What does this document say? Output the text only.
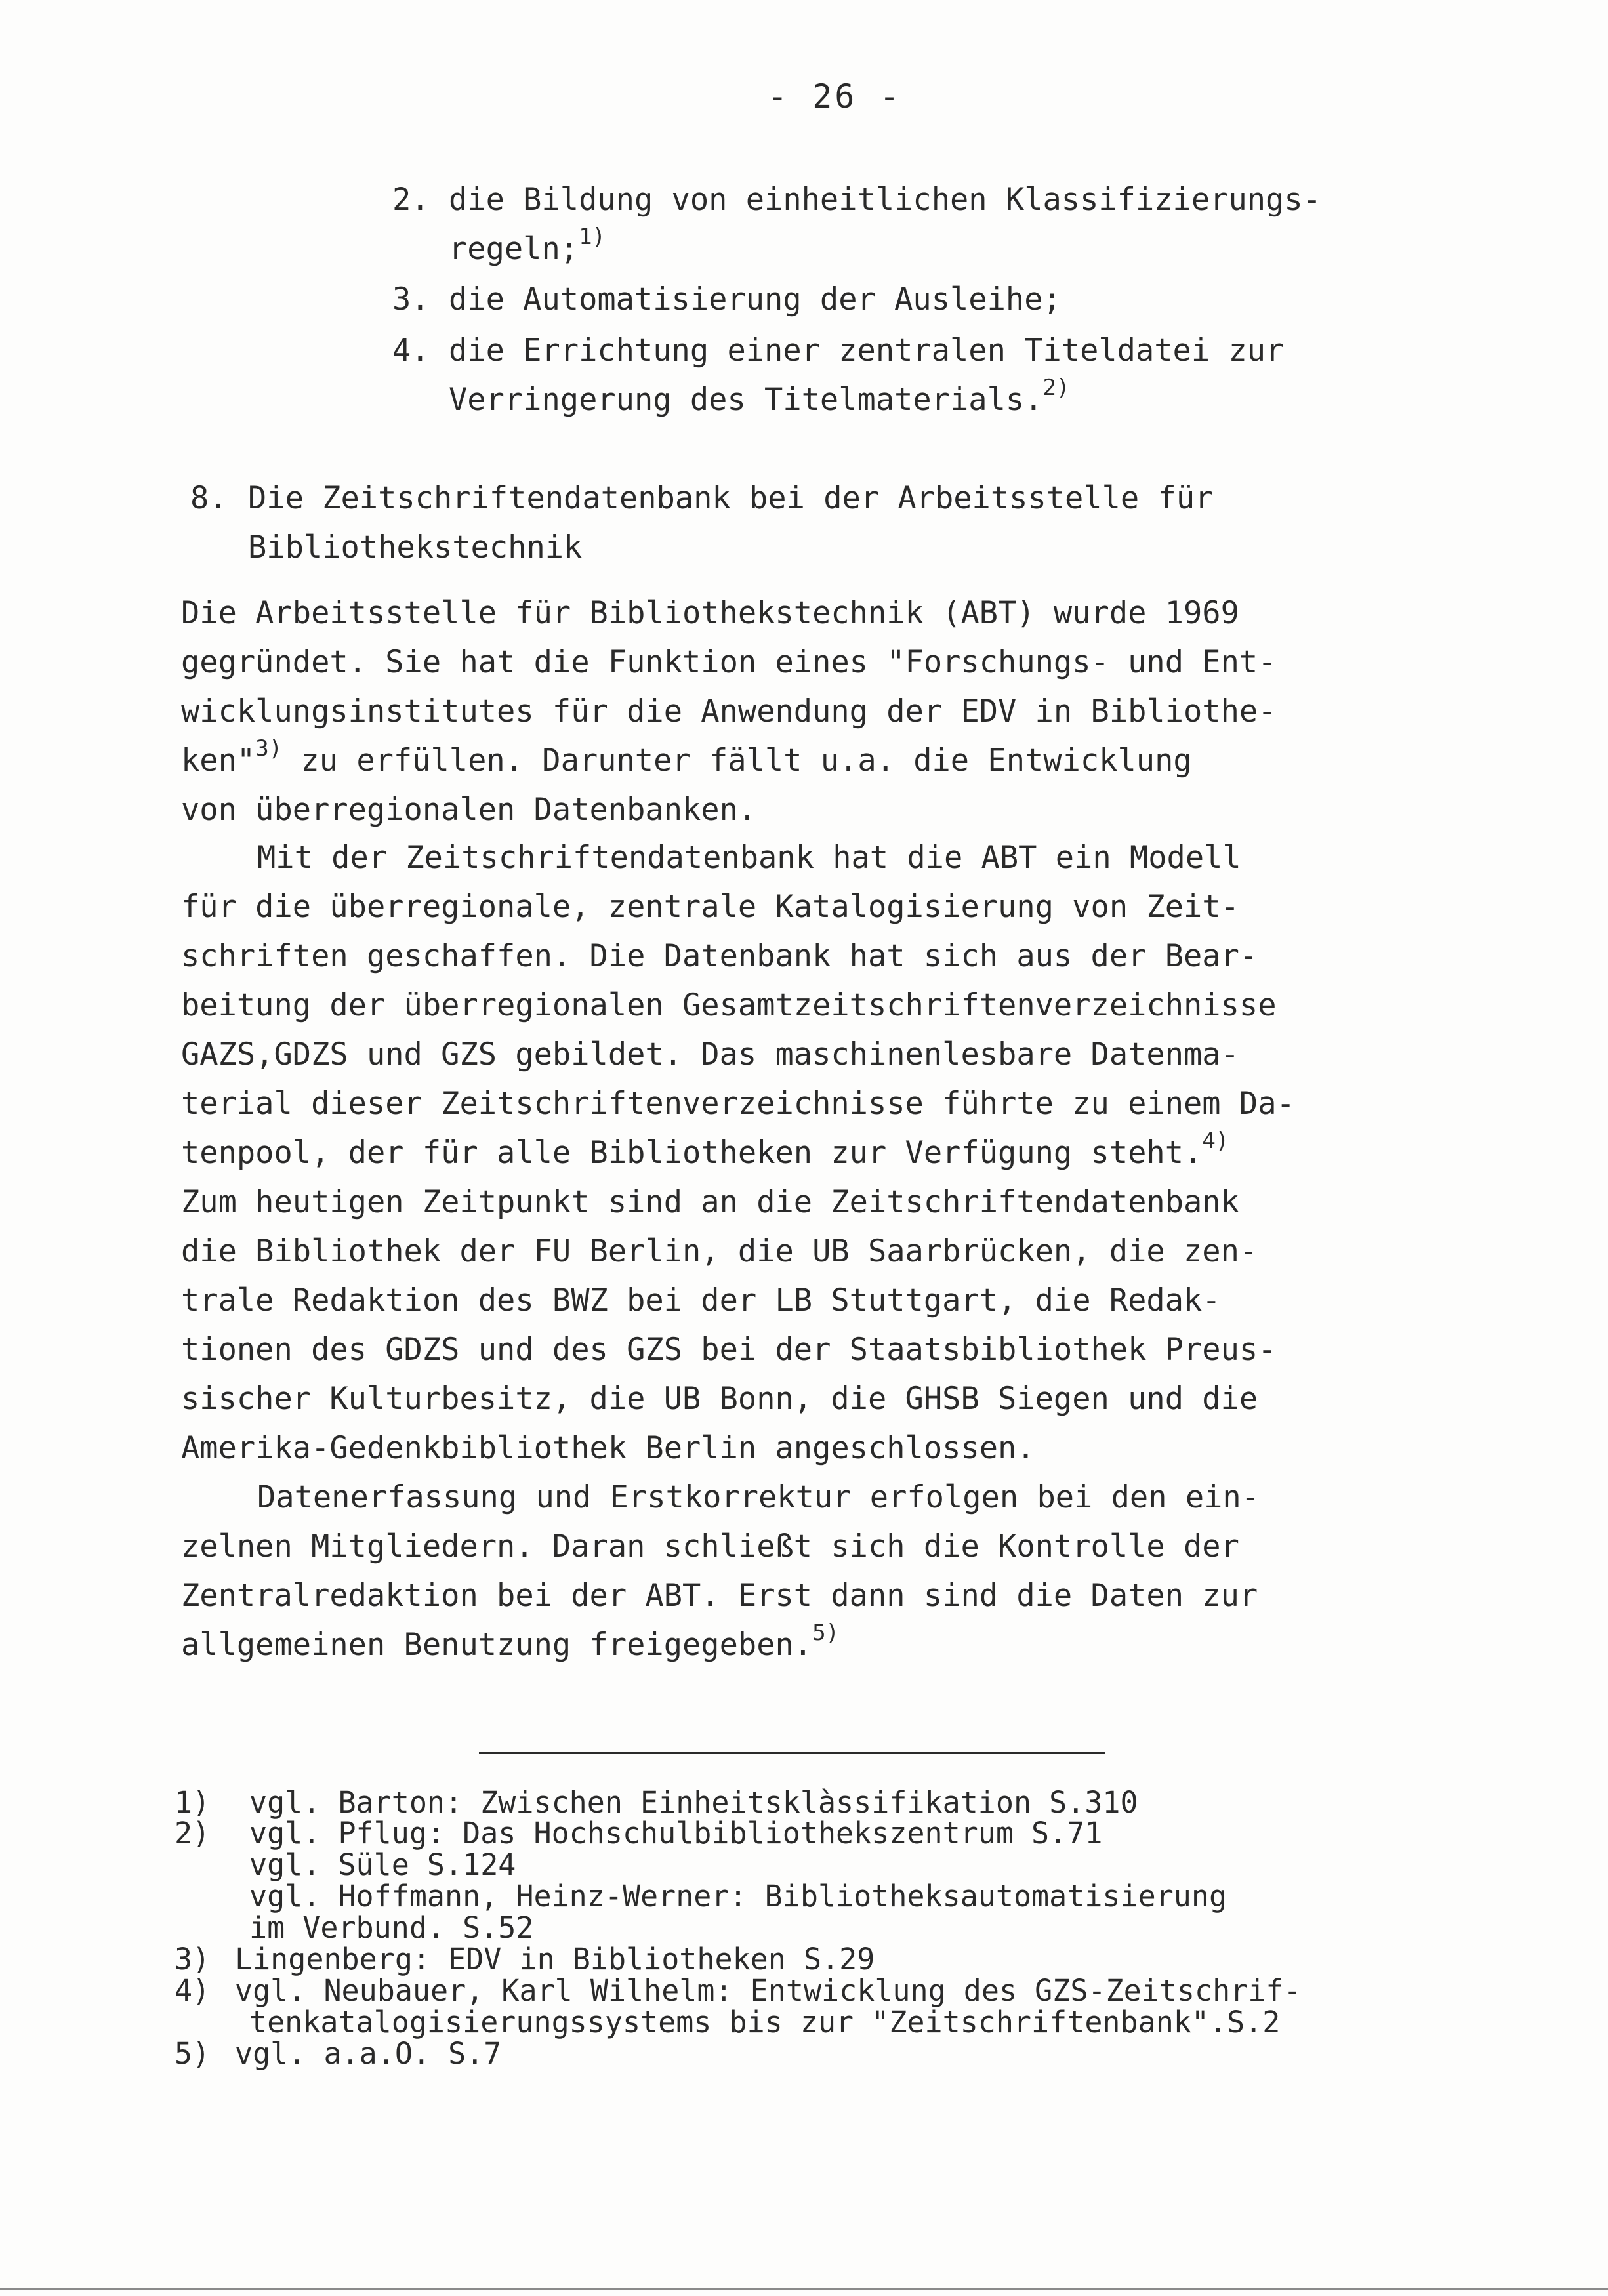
- 26 -
2. die Bildung von einheitlichen Klassifizierungs-
regeln;$^{1)}$
3. die Automatisierung der Ausleihe;
4. die Errichtung einer zentralen Titeldatei zur
Verringerung des Titelmaterials.$^{2)}$
8. Die Zeitschriftendatenbank bei der Arbeitsstelle für
Bibliothekstechnik
Die Arbeitsstelle für Bibliothekstechnik (ABT) wurde 1969
gegründet. Sie hat die Funktion eines "Forschungs- und Ent-
wicklungsinstitutes für die Anwendung der EDV in Bibliothe-
ken"$^{3)}$ zu erfüllen. Darunter fällt u.a. die Entwicklung
von überregionalen Datenbanken.
Mit der Zeitschriftendatenbank hat die ABT ein Modell
für die überregionale, zentrale Katalogisierung von Zeit-
schriften geschaffen. Die Datenbank hat sich aus der Bear-
beitung der überregionalen Gesamtzeitschriftenverzeichnisse
GAZS,GDZS und GZS gebildet. Das maschinenlesbare Datenma-
terial dieser Zeitschriftenverzeichnisse führte zu einem Da-
tenpool, der für alle Bibliotheken zur Verfügung steht.$^{4)}$
Zum heutigen Zeitpunkt sind an die Zeitschriftendatenbank
die Bibliothek der FU Berlin, die UB Saarbrücken, die zen-
trale Redaktion des BWZ bei der LB Stuttgart, die Redak-
tionen des GDZS und des GZS bei der Staatsbibliothek Preus-
sischer Kulturbesitz, die UB Bonn, die GHSB Siegen und die
Amerika-Gedenkbibliothek Berlin angeschlossen.
Datenerfassung und Erstkorrektur erfolgen bei den ein-
zelnen Mitgliedern. Daran schließt sich die Kontrolle der
Zentralredaktion bei der ABT. Erst dann sind die Daten zur
allgemeinen Benutzung freigegeben.$^{5)}$
1) vgl. Barton: Zwischen Einheitsklàssifikation S.310
2) vgl. Pflug: Das Hochschulbibliothekszentrum S.71
vgl. Süle S.124
vgl. Hoffmann, Heinz-Werner: Bibliotheksautomatisierung
im Verbund. S.52
3) Lingenberg: EDV in Bibliotheken S.29
4) vgl. Neubauer, Karl Wilhelm: Entwicklung des GZS-Zeitschrif-
tenkatalogisierungssystems bis zur "Zeitschriftenbank".S.2
5) vgl. a.a.O. S.7
